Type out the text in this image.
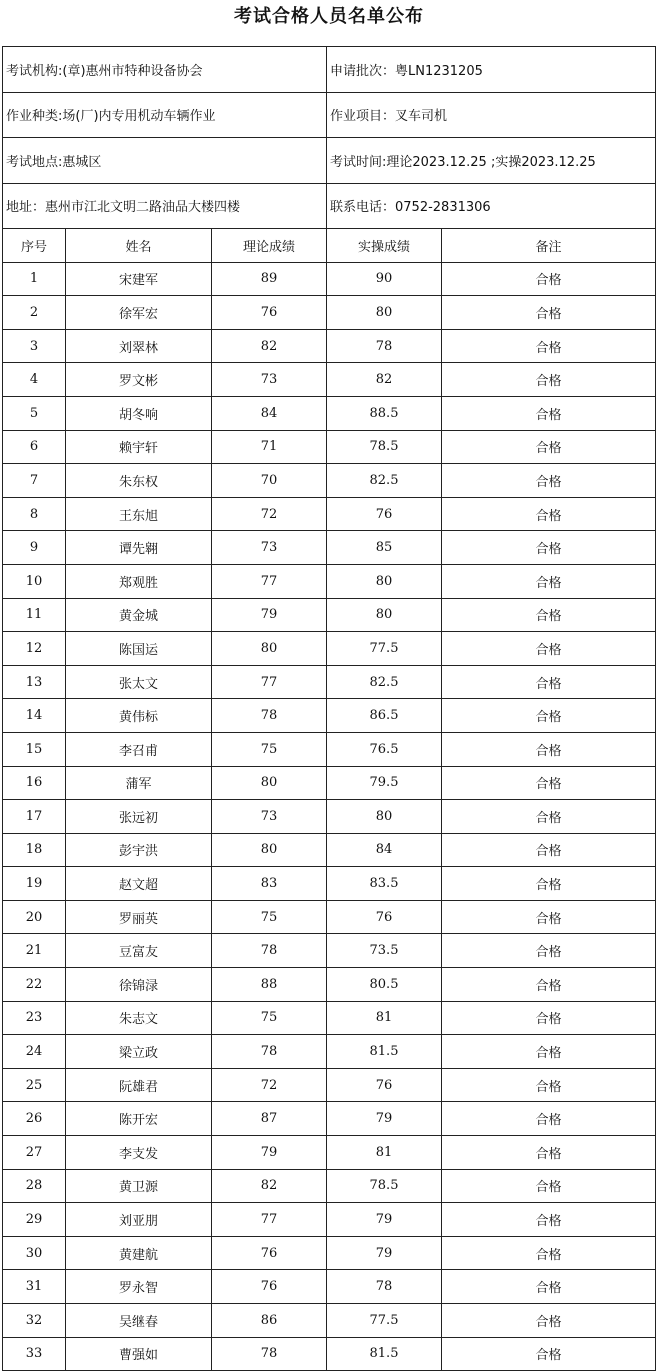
考试合格人员名单公布
考试机构:(章)惠州市特种设备协会			申请批次：粤LN1231205	
作业种类:场(厂)内专用机动车辆作业			作业项目：叉车司机	
考试地点:惠城区			考试时间:理论2023.12.25 ;实操2023.12.25	
地址：惠州市江北文明二路油品大楼四楼			联系电话：0752-2831306	
序号	姓名	理论成绩	实操成绩	备注
1	宋建军	89	90	合格
2	徐军宏	76	80	合格
3	刘翠林	82	78	合格
4	罗文彬	73	82	合格
5	胡冬响	84	88.5	合格
6	赖宇轩	71	78.5	合格
7	朱东权	70	82.5	合格
8	王东旭	72	76	合格
9	谭先翱	73	85	合格
10	郑观胜	77	80	合格
11	黄金城	79	80	合格
12	陈国运	80	77.5	合格
13	张太文	77	82.5	合格
14	黄伟标	78	86.5	合格
15	李召甫	75	76.5	合格
16	蒲军	80	79.5	合格
17	张远初	73	80	合格
18	彭宇洪	80	84	合格
19	赵文超	83	83.5	合格
20	罗丽英	75	76	合格
21	豆富友	78	73.5	合格
22	徐锦渌	88	80.5	合格
23	朱志文	75	81	合格
24	梁立政	78	81.5	合格
25	阮雄君	72	76	合格
26	陈开宏	87	79	合格
27	李支发	79	81	合格
28	黄卫源	82	78.5	合格
29	刘亚朋	77	79	合格
30	黄建航	76	79	合格
31	罗永智	76	78	合格
32	吴继春	86	77.5	合格
33	曹强如	78	81.5	合格
